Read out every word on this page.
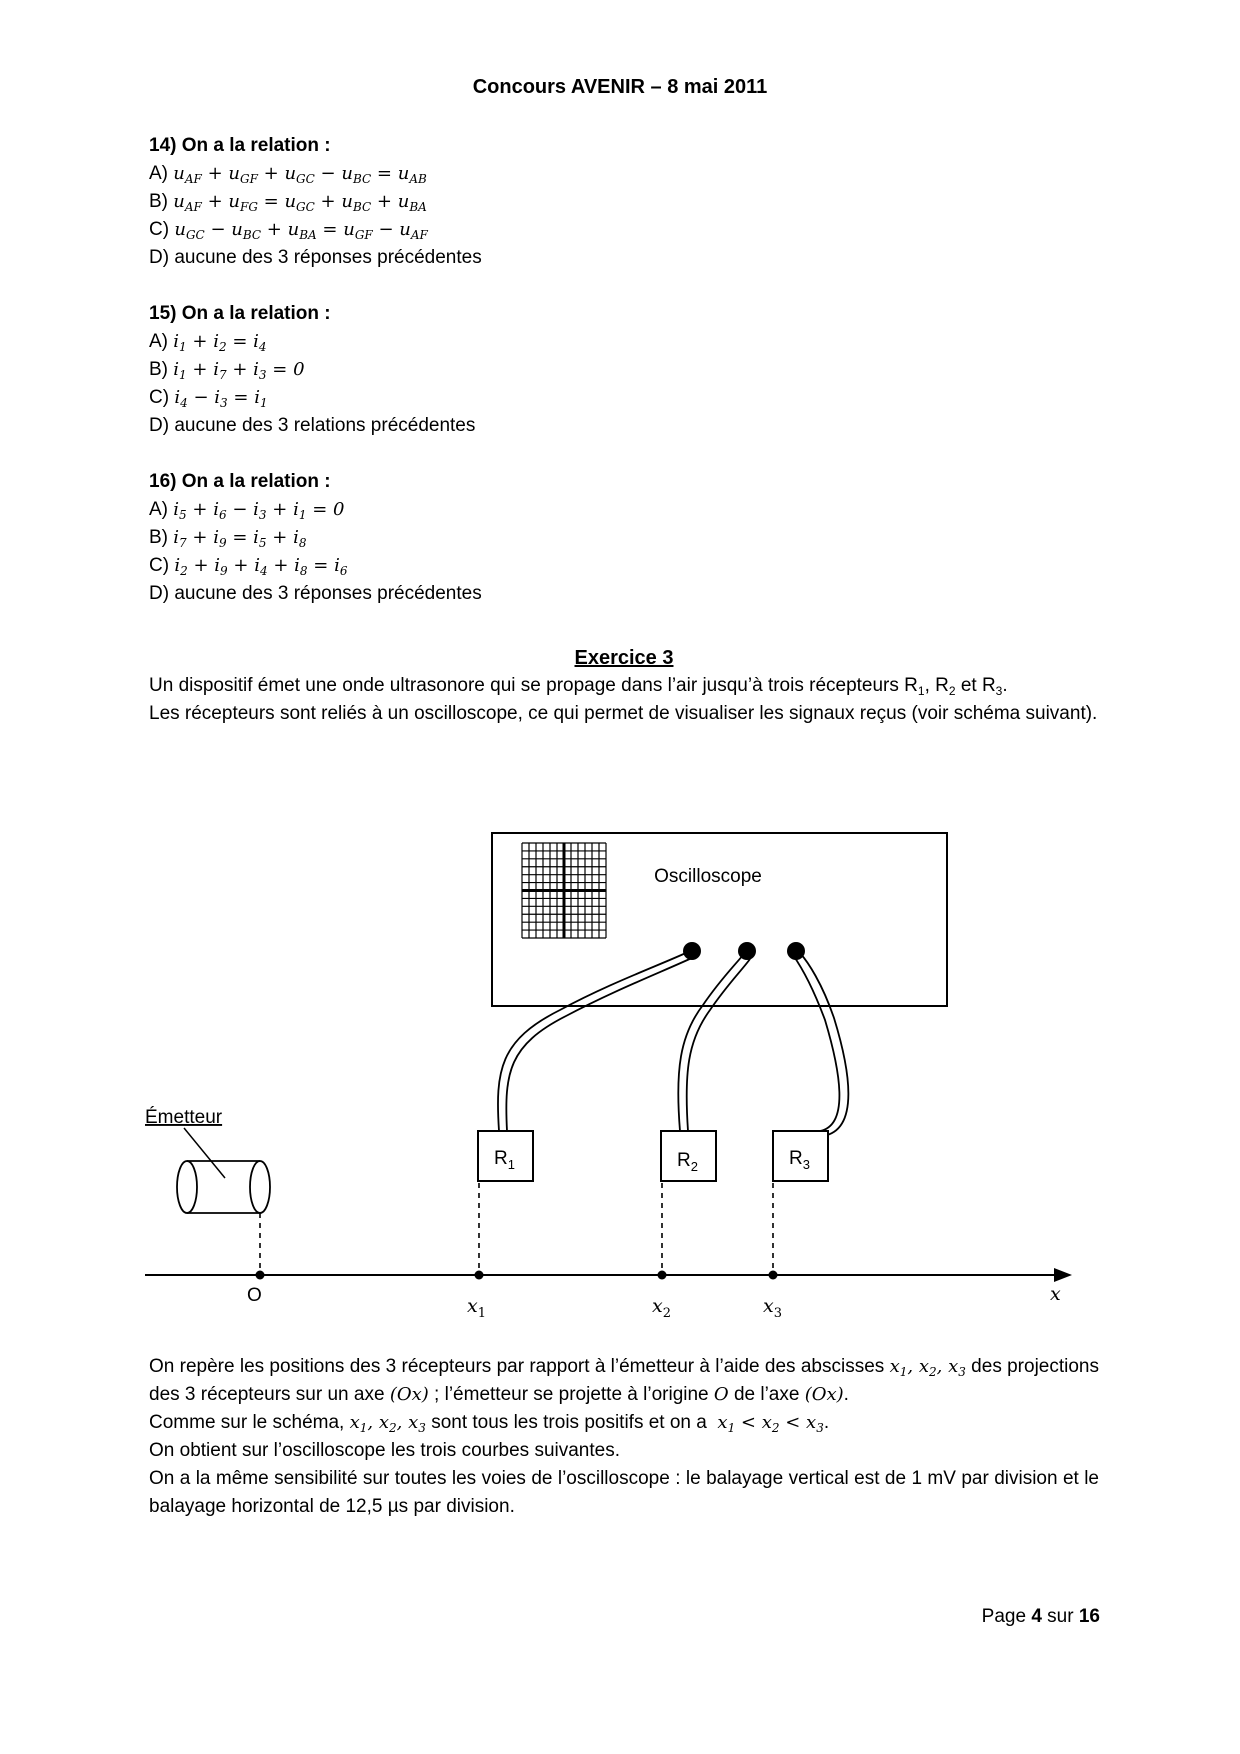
Concours AVENIR – 8 mai 2011

14) On a la relation :

A) $u_{AF} + u_{GF} + u_{GC} - u_{BC} = u_{AB}$

B) $u_{AF} + u_{FG} = u_{GC} + u_{BC} + u_{BA}$

C) $u_{GC} - u_{BC} + u_{BA} = u_{GF} - u_{AF}$

D) aucune des 3 réponses précédentes

15) On a la relation :

A) $i_1 + i_2 = i_4$

B) $i_1 + i_7 + i_3 = 0$

C) $i_4 - i_3 = i_1$

D) aucune des 3 relations précédentes

16) On a la relation :

A) $i_5 + i_6 - i_3 + i_1 = 0$

B) $i_7 + i_9 = i_5 + i_8$

C) $i_2 + i_9 + i_4 + i_8 = i_6$

D) aucune des 3 réponses précédentes

Exercice 3

Un dispositif émet une onde ultrasonore qui se propage dans l’air jusqu’à trois récepteurs $R_1$, $R_2$ et $R_3$.

Les récepteurs sont reliés à un oscilloscope, ce qui permet de visualiser les signaux reçus (voir schéma suivant).

Oscilloscope
$R_1$	$R_2$	$R_3$
Émetteur
O	x
$x_1$	$x_2$	$x_3$

On repère les positions des 3 récepteurs par rapport à l’émetteur à l’aide des abscisses $x_1$, $x_2$, $x_3$ des projections des 3 récepteurs sur un axe (Ox) ; l’émetteur se projette à l’origine O de l’axe (Ox).

Comme sur le schéma, $x_1$, $x_2$, $x_3$ sont tous les trois positifs et on a  $x_1 < x_2 < x_3$.

On obtient sur l’oscilloscope les trois courbes suivantes.

On a la même sensibilité sur toutes les voies de l’oscilloscope : le balayage vertical est de 1 mV par division et le balayage horizontal de 12,5 µs par division.

Page 4 sur 16
